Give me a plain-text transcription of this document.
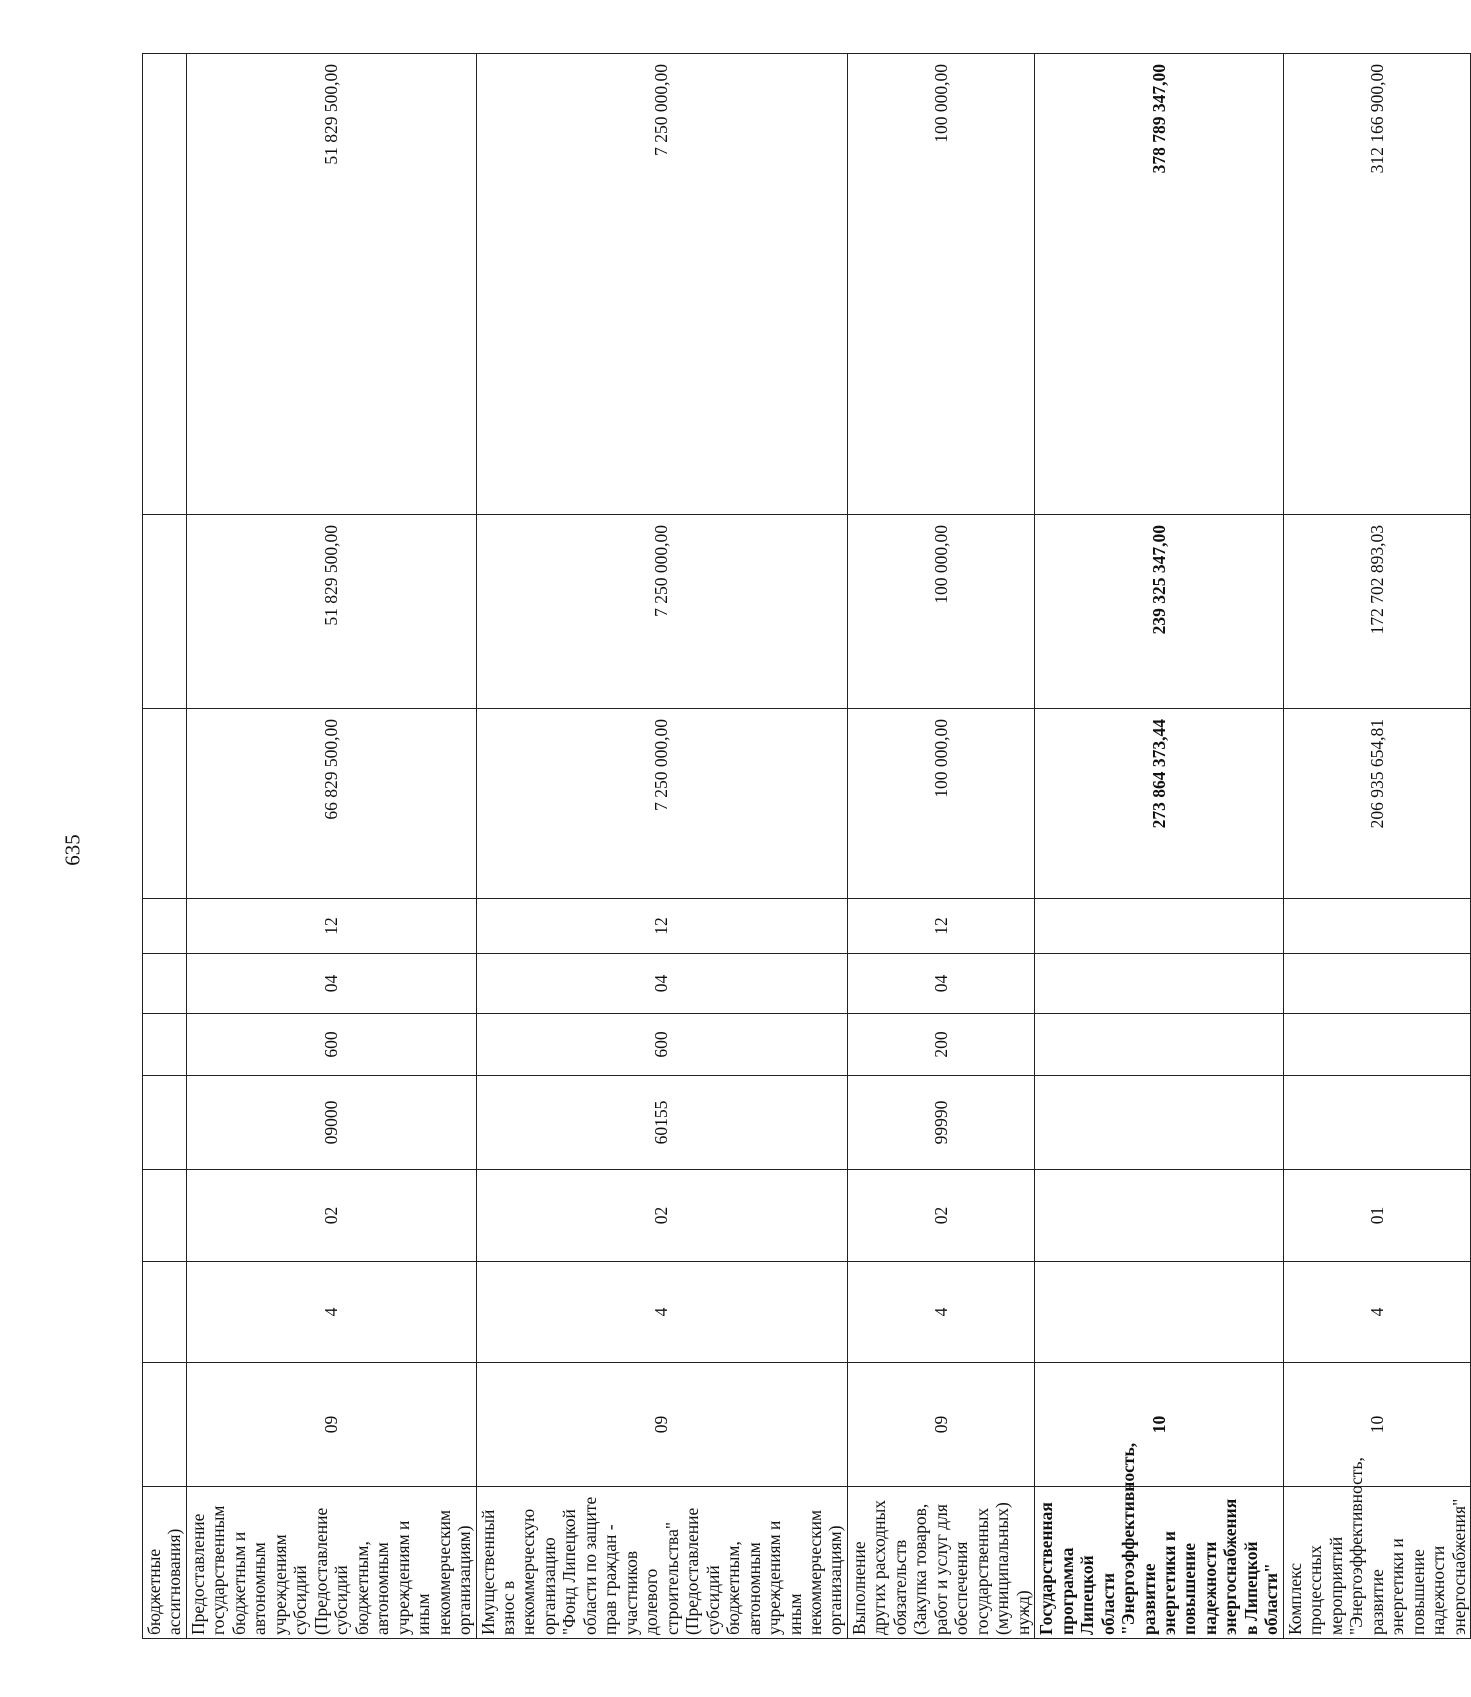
635
бюджетные ассигнования)										
Предоставление государственным бюджетным и автономным учреждениям субсидий (Предоставление субсидий бюджетным, автономным учреждениям и иным некоммерческим организациям)	09	4	02	09000	600	04	12	66 829 500,00	51 829 500,00	51 829 500,00
Имущественный взнос в некоммерческую организацию "Фонд Липецкой области по защите прав граждан - участников долевого строительства" (Предоставление субсидий бюджетным, автономным учреждениям и иным некоммерческим организациям)	09	4	02	60155	600	04	12	7 250 000,00	7 250 000,00	7 250 000,00
Выполнение других расходных обязательств (Закупка товаров, работ и услуг для обеспечения государственных (муниципальных) нужд)	09	4	02	99990	200	04	12	100 000,00	100 000,00	100 000,00
Государственная программа Липецкой области "Энергоэффективность, развитие энергетики и повышение надежности энергоснабжения в Липецкой области"	10							273 864 373,44	239 325 347,00	378 789 347,00
Комплекс процессных мероприятий "Энергоэффективность, развитие энергетики и повышение надежности энергоснабжения"	10	4	01					206 935 654,81	172 702 893,03	312 166 900,00
